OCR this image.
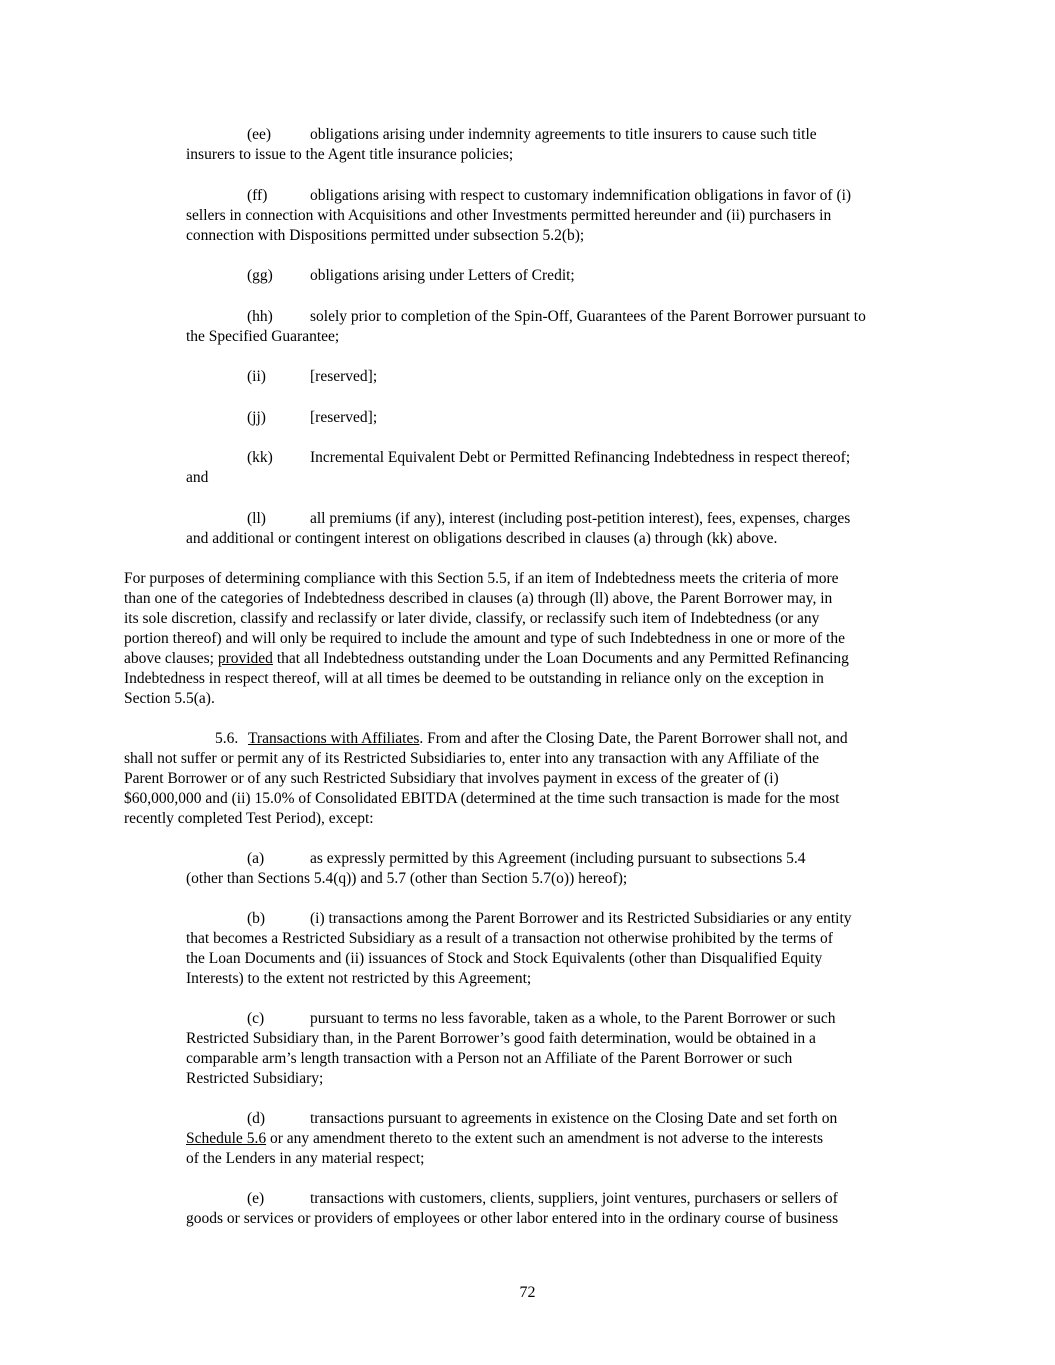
(ee)	obligations arising under indemnity agreements to title insurers to cause such title
insurers to issue to the Agent title insurance policies;
(ff)	obligations arising with respect to customary indemnification obligations in favor of (i)
sellers in connection with Acquisitions and other Investments permitted hereunder and (ii) purchasers in
connection with Dispositions permitted under subsection 5.2(b);
(gg) obligations arising under Letters of Credit;
(hh) solely prior to completion of the Spin-Off, Guarantees of the Parent Borrower pursuant to
the Specified Guarantee;
(ii)	[reserved];
(jj)	[reserved];
(kk) Incremental Equivalent Debt or Permitted Refinancing Indebtedness in respect thereof;
and
(ll)	all premiums (if any), interest (including post-petition interest), fees, expenses, charges
and additional or contingent interest on obligations described in clauses (a) through (kk) above.
For purposes of determining compliance with this Section 5.5, if an item of Indebtedness meets the criteria of more
than one of the categories of Indebtedness described in clauses (a) through (ll) above, the Parent Borrower may, in
its sole discretion, classify and reclassify or later divide, classify, or reclassify such item of Indebtedness (or any
portion thereof) and will only be required to include the amount and type of such Indebtedness in one or more of the
above clauses; provided that all Indebtedness outstanding under the Loan Documents and any Permitted Refinancing
Indebtedness in respect thereof, will at all times be deemed to be outstanding in reliance only on the exception in
Section 5.5(a).
5.6. Transactions with Affiliates. From and after the Closing Date, the Parent Borrower shall not, and
shall not suffer or permit any of its Restricted Subsidiaries to, enter into any transaction with any Affiliate of the
Parent Borrower or of any such Restricted Subsidiary that involves payment in excess of the greater of (i)
$60,000,000 and (ii) 15.0% of Consolidated EBITDA (determined at the time such transaction is made for the most
recently completed Test Period), except:
(a)	as expressly permitted by this Agreement (including pursuant to subsections 5.4
(other than Sections 5.4(q)) and 5.7 (other than Section 5.7(o)) hereof);
(b)	(i) transactions among the Parent Borrower and its Restricted Subsidiaries or any entity
that becomes a Restricted Subsidiary as a result of a transaction not otherwise prohibited by the terms of
the Loan Documents and (ii) issuances of Stock and Stock Equivalents (other than Disqualified Equity
Interests) to the extent not restricted by this Agreement;
(c)	pursuant to terms no less favorable, taken as a whole, to the Parent Borrower or such
Restricted Subsidiary than, in the Parent Borrower’s good faith determination, would be obtained in a
comparable arm’s length transaction with a Person not an Affiliate of the Parent Borrower or such
Restricted Subsidiary;
(d)	transactions pursuant to agreements in existence on the Closing Date and set forth on
Schedule 5.6 or any amendment thereto to the extent such an amendment is not adverse to the interests
of the Lenders in any material respect;
(e)	transactions with customers, clients, suppliers, joint ventures, purchasers or sellers of
goods or services or providers of employees or other labor entered into in the ordinary course of business
72
